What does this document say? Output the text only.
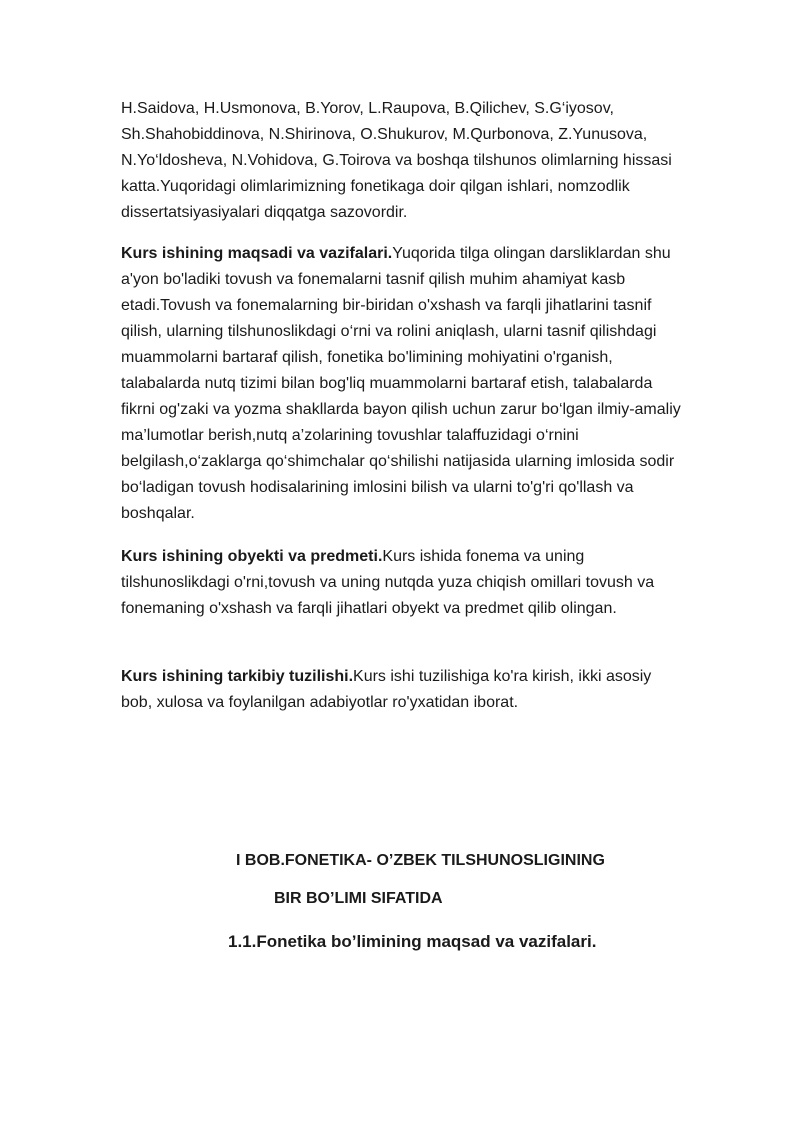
H.Saidova, H.Usmonova, B.Yorov, L.Raupova, B.Qilichev, S.G‘iyosov, Sh.Shahobiddinova, N.Shirinova, O.Shukurov, M.Qurbonova, Z.Yunusova, N.Yo‘ldosheva, N.Vohidova, G.Toirova va boshqa tilshunos olimlarning hissasi katta.Yuqoridagi olimlarimizning fonetikaga doir qilgan ishlari, nomzodlik dissertatsiyasiyalari diqqatga sazovordir.

Kurs ishining maqsadi va vazifalari.Yuqorida tilga olingan darsliklardan shu a'yon bo'ladiki tovush va fonemalarni tasnif qilish muhim ahamiyat kasb etadi.Tovush va fonemalarning bir-biridan o'xshash va farqli jihatlarini tasnif qilish, ularning tilshunoslikdagi o‘rni va rolini aniqlash, ularni tasnif qilishdagi muammolarni bartaraf qilish, fonetika bo'limining mohiyatini o'rganish, talabalarda nutq tizimi bilan bog'liq muammolarni bartaraf etish, talabalarda fikrni og'zaki va yozma shakllarda bayon qilish uchun zarur bo‘lgan ilmiy-amaliy ma’lumotlar berish,nutq a’zolarining tovushlar talaffuzidagi o‘rnini belgilash,o‘zaklarga qo‘shimchalar qo‘shilishi natijasida ularning imlosida sodir bo‘ladigan tovush hodisalarining imlosini bilish va ularni to'g'ri qo'llash va boshqalar.

Kurs ishining obyekti va predmeti.Kurs ishida fonema va uning tilshunoslikdagi o'rni,tovush va uning nutqda yuza chiqish omillari tovush va fonemaning o'xshash va farqli jihatlari obyekt va predmet qilib olingan.

Kurs ishining tarkibiy tuzilishi.Kurs ishi tuzilishiga ko'ra kirish, ikki asosiy bob, xulosa va foylanilgan adabiyotlar ro'yxatidan iborat.

I BOB.FONETIKA- O’ZBEK TILSHUNOSLIGINING

BIR BO’LIMI SIFATIDA

1.1.Fonetika bo’limining maqsad va vazifalari.
